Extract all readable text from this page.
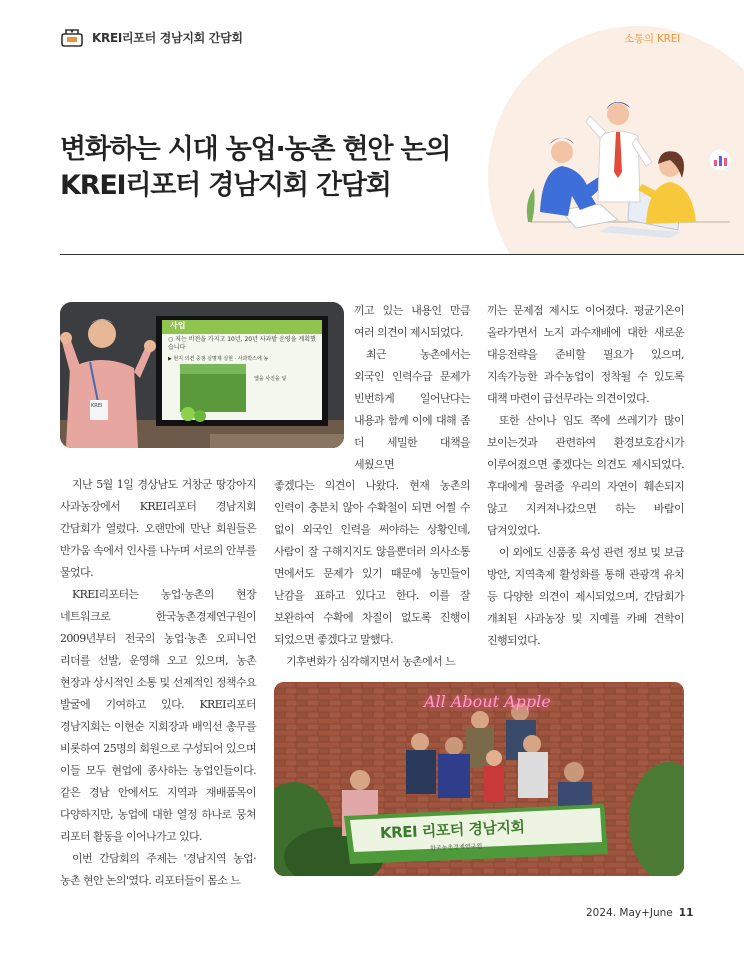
KREI리포터 경남지회 간담회	소통의 KREI
변화하는 시대 농업·농촌 현안 논의
KREI리포터 경남지회 간담회
사업
○ 저는 비전을 가지고 10년, 20년 사과밭 운영을 계획했습니다
▶ 현지 의견 중점 실명제 실현 · 사과박스에 농
앱을 사진을 넣
KREI

지난 5월 1일 경상남도 거창군 땅강아지 사과농장에서 KREI리포터 경남지회 간담회가 열렸다. 오랜만에 만난 회원들은 반가움 속에서 인사를 나누며 서로의 안부를 물었다.

KREI리포터는 농업·농촌의 현장 네트워크로 한국농촌경제연구원이 2009년부터 전국의 농업·농촌 오피니언 리더를 선발, 운영해 오고 있으며, 농촌 현장과 상시적인 소통 및 선제적인 정책수요 발굴에 기여하고 있다. KREI리포터 경남지회는 이현순 지회장과 배익선 총무를 비롯하여 25명의 회원으로 구성되어 있으며 이들 모두 현업에 종사하는 농업인들이다. 같은 경남 안에서도 지역과 재배품목이 다양하지만, 농업에 대한 열정 하나로 뭉쳐 리포터 활동을 이어나가고 있다.

이번 간담회의 주제는 '경남지역 농업·농촌 현안 논의'였다. 리포터들이 몸소 느

끼고 있는 내용인 만큼 여러 의견이 제시되었다.

최근 농촌에서는 외국인 인력수급 문제가 빈번하게 일어난다는 내용과 함께 이에 대해 좀 더 세밀한 대책을 세웠으면

좋겠다는 의견이 나왔다. 현재 농촌의 인력이 충분치 않아 수확철이 되면 어쩔 수 없이 외국인 인력을 써야하는 상황인데, 사람이 잘 구해지지도 않을뿐더러 의사소통 면에서도 문제가 있기 때문에 농민들이 난감을 표하고 있다고 한다. 이를 잘 보완하여 수확에 차질이 없도록 진행이 되었으면 좋겠다고 말했다.

기후변화가 심각해지면서 농촌에서 느

끼는 문제점 제시도 이어졌다. 평균기온이 올라가면서 노지 과수재배에 대한 새로운 대응전략을 준비할 필요가 있으며, 지속가능한 과수농업이 정착될 수 있도록 대책 마련이 급선무라는 의견이었다.

또한 산이나 임도 쪽에 쓰레기가 많이 보이는것과 관련하여 환경보호감시가 이루어졌으면 좋겠다는 의견도 제시되었다. 후대에게 물려줄 우리의 자연이 훼손되지 않고 지켜져나갔으면 하는 바람이 담겨있었다.

이 외에도 신품종 육성 관련 정보 및 보급 방안, 지역축제 활성화를 통해 관광객 유치 등 다양한 의견이 제시되었으며, 간담회가 개최된 사과농장 및 지예를 카페 견학이 진행되었다.

All About Apple
KREI 리포터 경남지회
한국농촌경제연구원
2024. May+June 11
